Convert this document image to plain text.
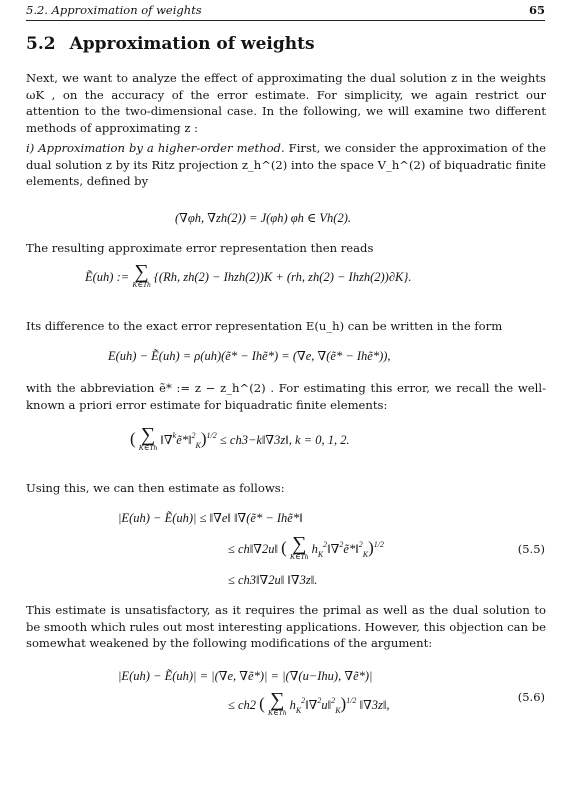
5.2. Approximation of weights	65
5.2 Approximation of weights
Next, we want to analyze the effect of approximating the dual solution z in the weights ωK , on the accuracy of the error estimate. For simplicity, we again restrict our attention to the two-dimensional case. In the following, we will examine two different methods of approximating z :
i) Approximation by a higher-order method. First, we consider the approximation of the dual solution z by its Ritz projection z_h^(2) into the space V_h^(2) of biquadratic finite elements, defined by
(∇φh, ∇zh(2)) = J(φh) φh ∈ Vh(2).
The resulting approximate error representation then reads
Ẽ(uh) := ∑
K∈Th
{(Rh, zh(2) − Ihzh(2))K + (rh, zh(2) − Ihzh(2))∂K}.
Its difference to the exact error representation E(u_h) can be written in the form
E(uh) − Ẽ(uh) = ρ(uh)(ẽ* − Ihẽ*) = (∇e, ∇(ẽ* − Ihẽ*)),
with the abbreviation ẽ* := z − z_h^(2) . For estimating this error, we recall the well-known a priori error estimate for biquadratic finite elements:
( ∑
K∈Th
‖∇$^k$ẽ*‖$^2_K$)$^{1/2}$ ≤ ch3−k‖∇3z‖, k = 0, 1, 2.
Using this, we can then estimate as follows:
|E(uh) − Ẽ(uh)| ≤ ‖∇e‖ ‖∇(ẽ* − Ihẽ*‖
≤ ch‖∇2u‖ ( ∑
K∈Th
$h_K^2‖\nabla^2ẽ*‖^2_K)^{1/2}$	(5.5)
≤ ch3‖∇2u‖ ‖∇3z‖.
This estimate is unsatisfactory, as it requires the primal as well as the dual solution to be smooth which rules out most interesting applications. However, this objection can be somewhat weakened by the following modifications of the argument:
|E(uh) − Ẽ(uh)| = |(∇e, ∇ẽ*)| = |(∇(u−Ihu), ∇ẽ*)|
≤ ch2 ( ∑
K∈Th
$h_K^2‖\nabla^2u‖^2_K)^{1/2}$ ‖∇3z‖,
(5.6)
